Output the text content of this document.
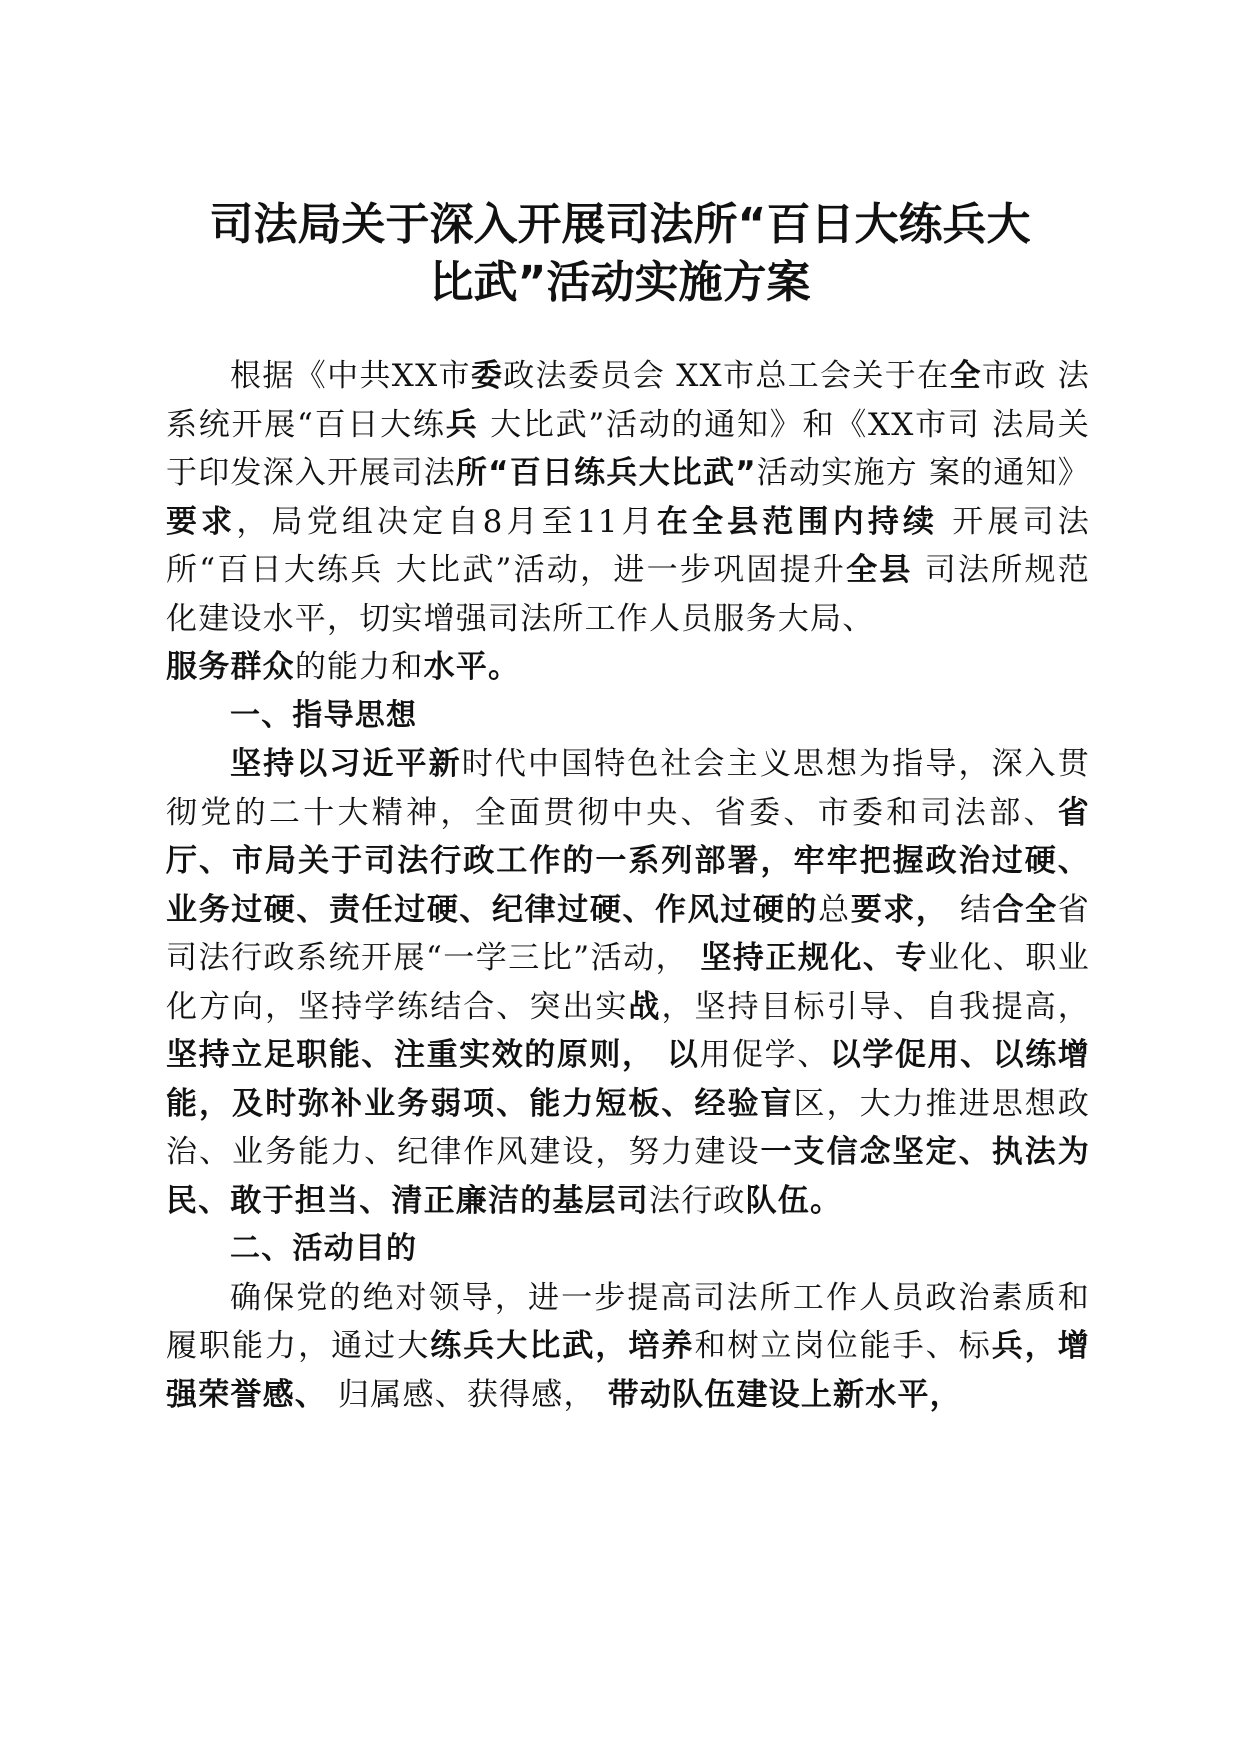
司法局关于深入开展司法所“百日大练兵大
比武”活动实施方案

根据《中共XX市委政法委员会 XX市总工会关于在全市政 法系统开展“百日大练兵 大比武”活动的通知》和《XX市司 法局关于印发深入开展司法所“百日练兵大比武”活动实施方 案的通知》要求，局党组决定自8月至11月在全县范围内持续 开展司法所“百日大练兵 大比武”活动，进一步巩固提升全县 司法所规范化建设水平，切实增强司法所工作人员服务大局、

服务群众的能力和水平。

一、指导思想

坚持以习近平新时代中国特色社会主义思想为指导，深入贯彻党的二十大精神，全面贯彻中央、省委、市委和司法部、省厅、市局关于司法行政工作的一系列部署，牢牢把握政治过硬、业务过硬、责任过硬、纪律过硬、作风过硬的总要求， 结合全省司法行政系统开展“一学三比”活动， 坚持正规化、专业化、职业化方向，坚持学练结合、突出实战，坚持目标引导、自我提高， 坚持立足职能、注重实效的原则， 以用促学、以学促用、以练增能，及时弥补业务弱项、能力短板、经验盲区，大力推进思想政治、业务能力、纪律作风建设，努力建设一支信念坚定、执法为民、敢于担当、清正廉洁的基层司法行政队伍。

二、活动目的

确保党的绝对领导，进一步提高司法所工作人员政治素质和履职能力，通过大练兵大比武，培养和树立岗位能手、标兵，增强荣誉感、 归属感、获得感， 带动队伍建设上新水平，
